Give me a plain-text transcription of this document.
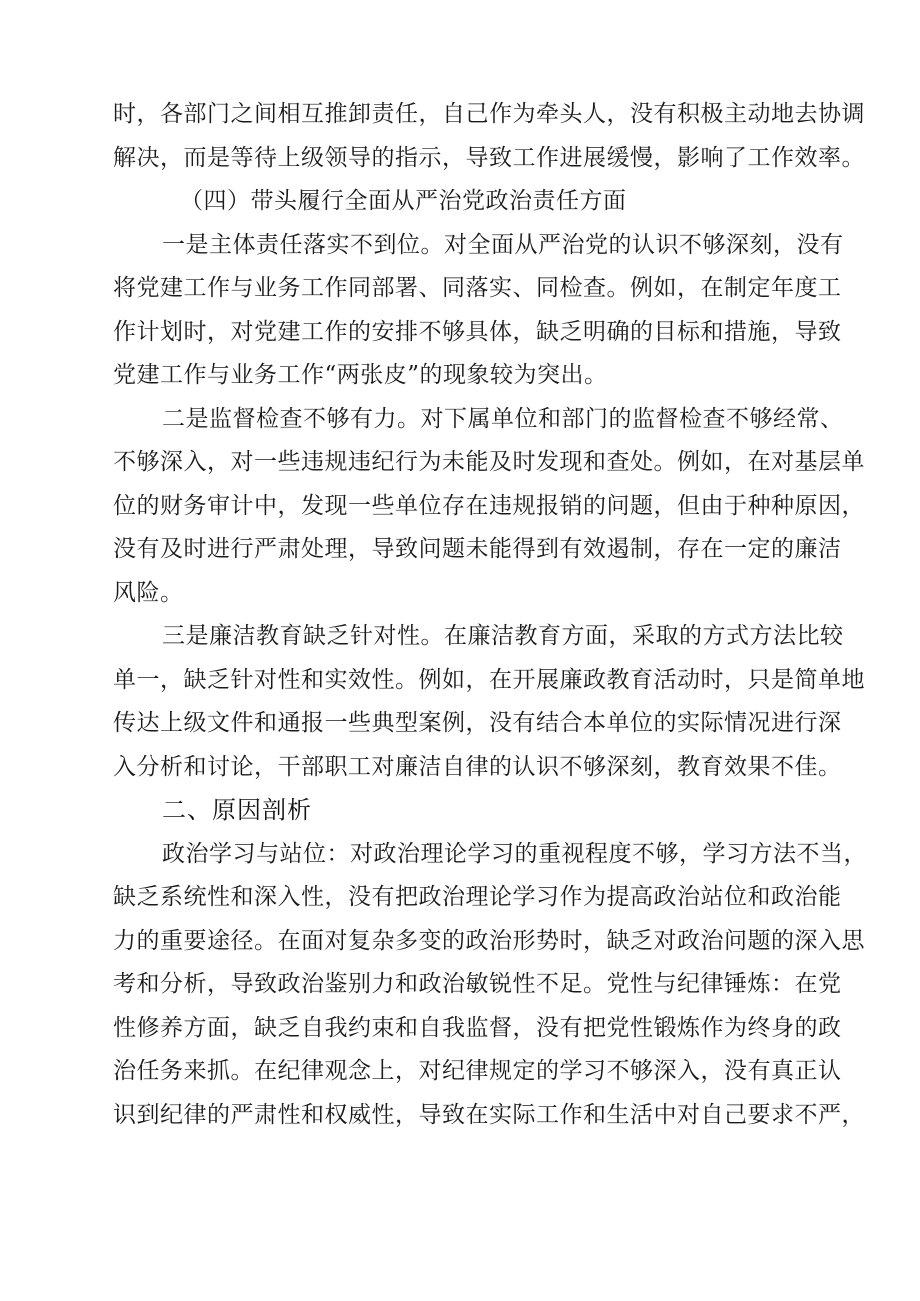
时，各部门之间相互推卸责任，自己作为牵头人，没有积极主动地去协调
解决，而是等待上级领导的指示，导致工作进展缓慢，影响了工作效率。
（四）带头履行全面从严治党政治责任方面
一是主体责任落实不到位。对全面从严治党的认识不够深刻，没有
将党建工作与业务工作同部署、同落实、同检查。例如，在制定年度工
作计划时，对党建工作的安排不够具体，缺乏明确的目标和措施，导致
党建工作与业务工作“两张皮”的现象较为突出。
二是监督检查不够有力。对下属单位和部门的监督检查不够经常、
不够深入，对一些违规违纪行为未能及时发现和查处。例如，在对基层单
位的财务审计中，发现一些单位存在违规报销的问题，但由于种种原因，
没有及时进行严肃处理，导致问题未能得到有效遏制，存在一定的廉洁
风险。
三是廉洁教育缺乏针对性。在廉洁教育方面，采取的方式方法比较
单一，缺乏针对性和实效性。例如，在开展廉政教育活动时，只是简单地
传达上级文件和通报一些典型案例，没有结合本单位的实际情况进行深
入分析和讨论，干部职工对廉洁自律的认识不够深刻，教育效果不佳。
二、原因剖析
政治学习与站位：对政治理论学习的重视程度不够，学习方法不当，
缺乏系统性和深入性，没有把政治理论学习作为提高政治站位和政治能
力的重要途径。在面对复杂多变的政治形势时，缺乏对政治问题的深入思
考和分析，导致政治鉴别力和政治敏锐性不足。党性与纪律锤炼：在党
性修养方面，缺乏自我约束和自我监督，没有把党性锻炼作为终身的政
治任务来抓。在纪律观念上，对纪律规定的学习不够深入，没有真正认
识到纪律的严肃性和权威性，导致在实际工作和生活中对自己要求不严，
